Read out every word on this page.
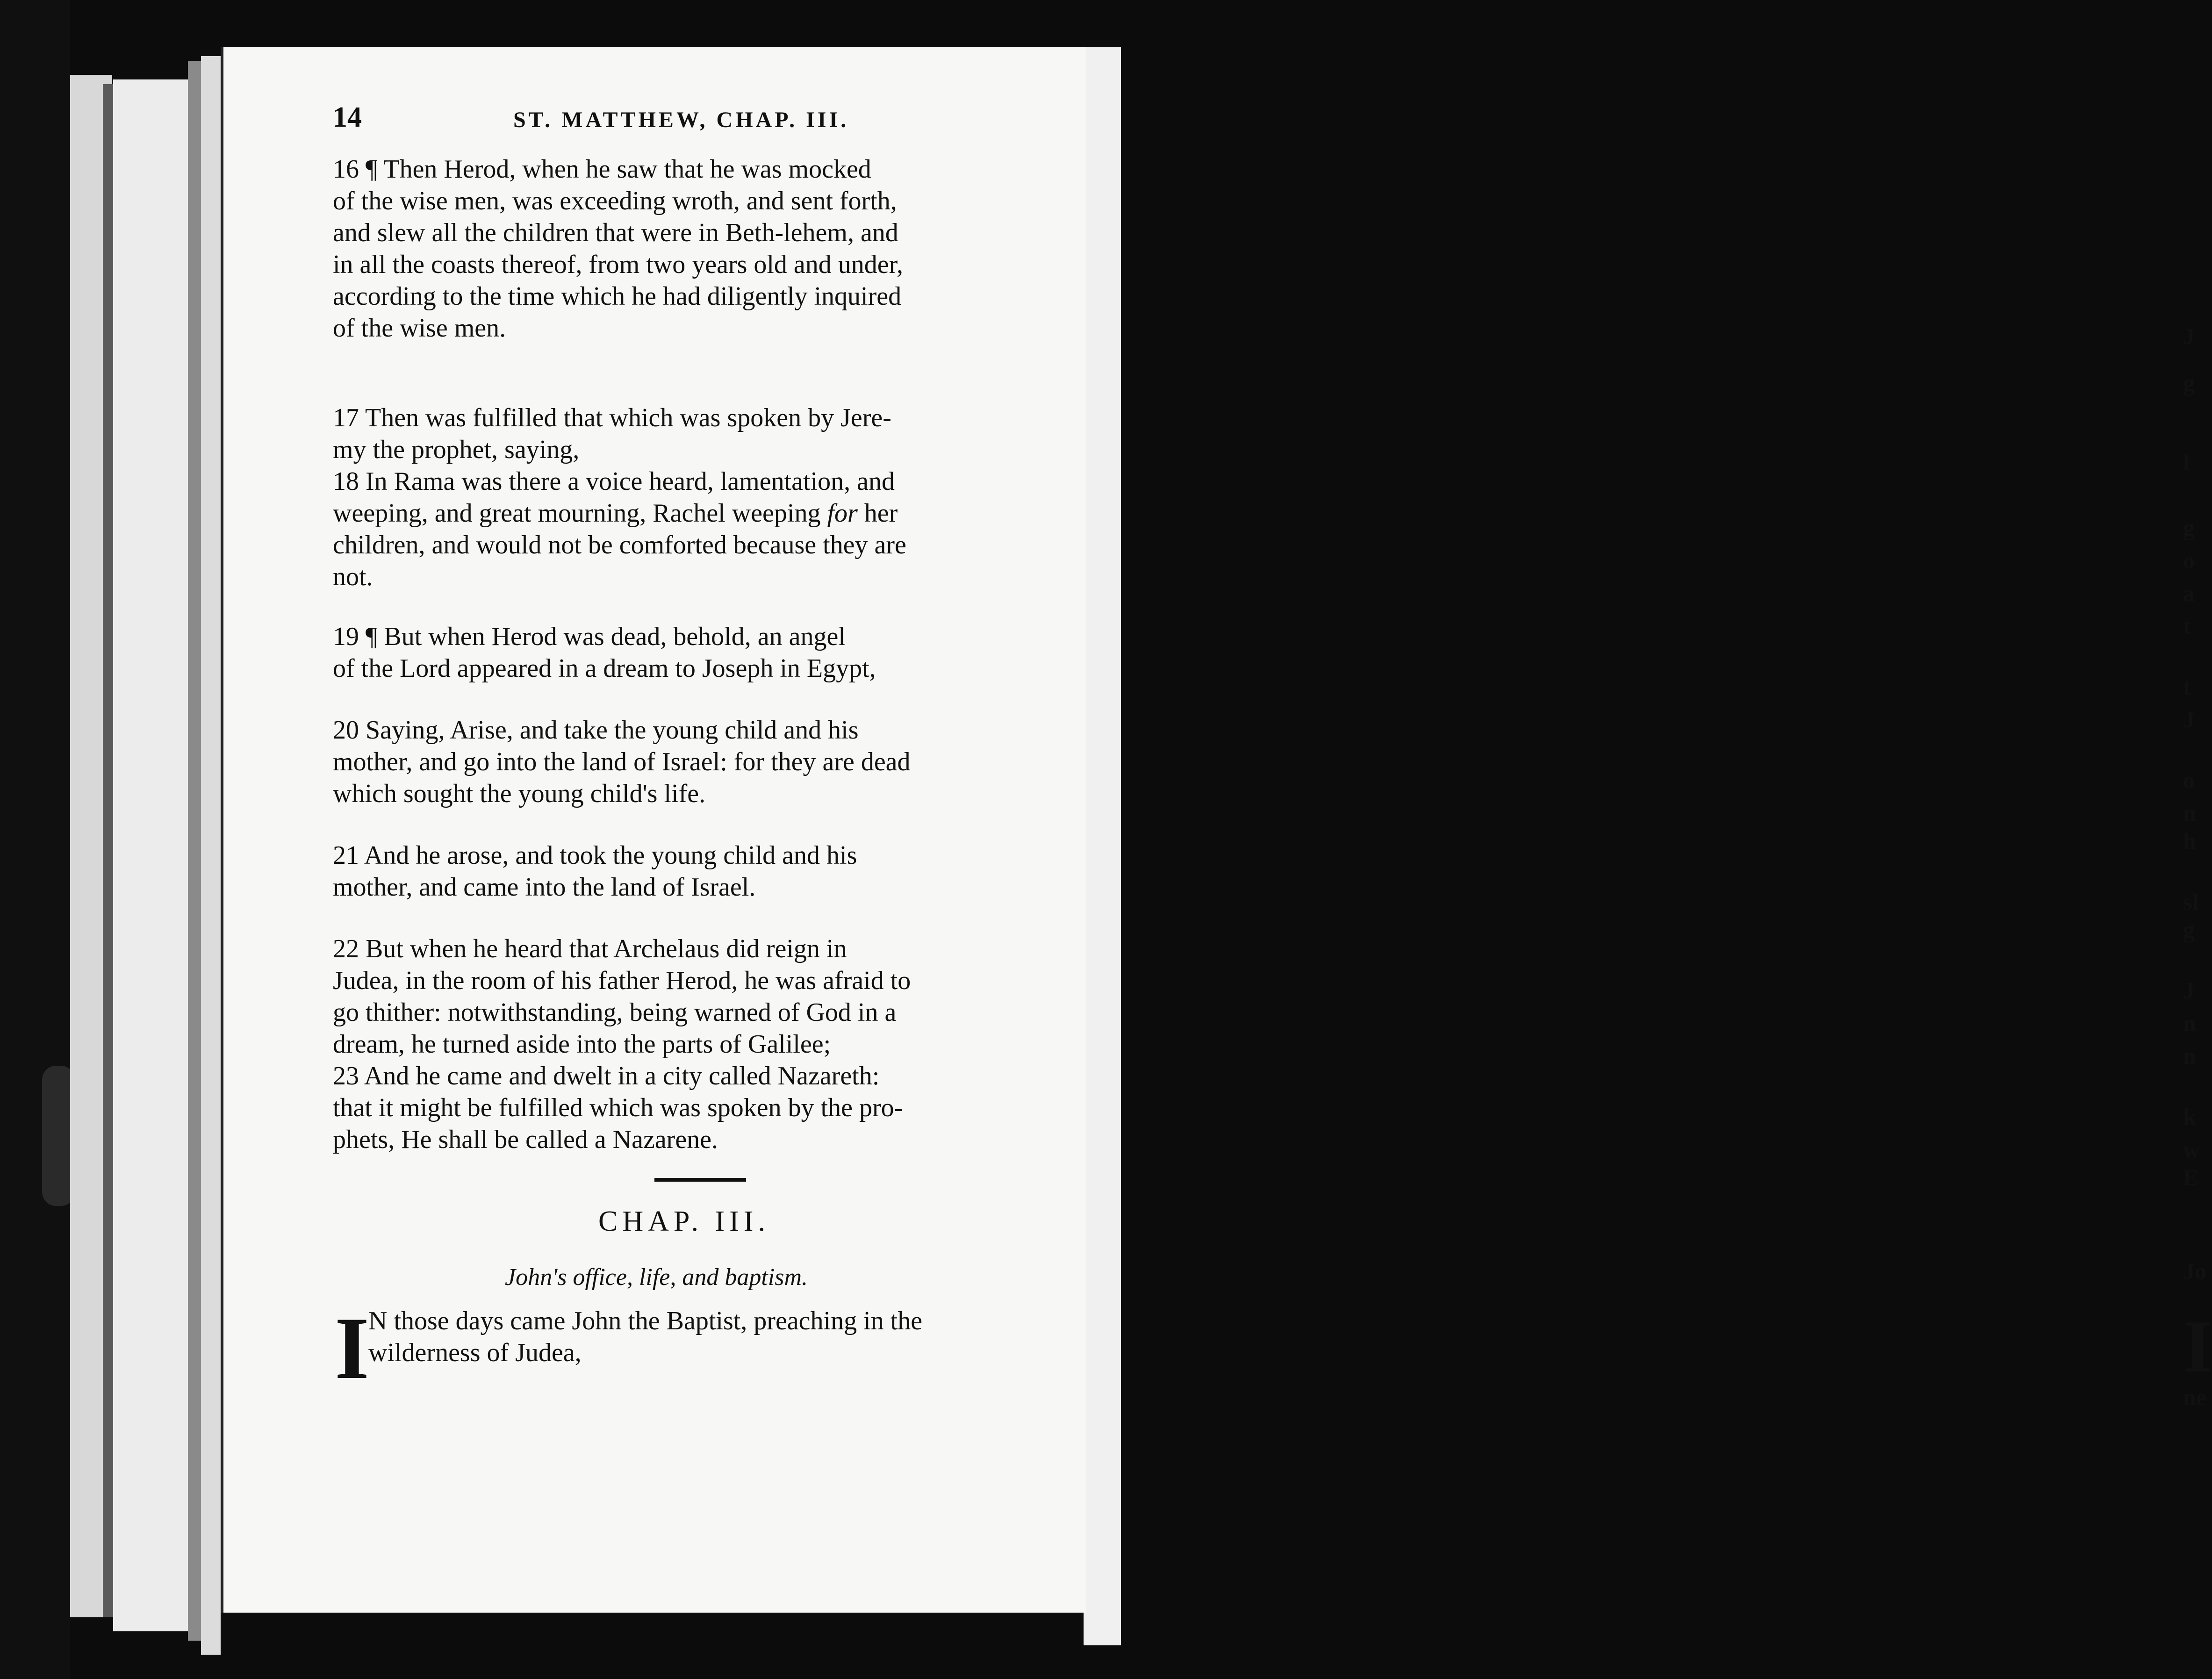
14	ST. MATTHEW, CHAP. III.
16 ¶ Then Herod, when he saw that he was mocked
of the wise men, was exceeding wroth, and sent forth,
and slew all the children that were in Beth-lehem, and
in all the coasts thereof, from two years old and under,
according to the time which he had diligently inquired
of the wise men.
17 Then was fulfilled that which was spoken by Jere-
my the prophet, saying,
18 In Rama was there a voice heard, lamentation, and
weeping, and great mourning, Rachel weeping for her
children, and would not be comforted because they are
not.
19 ¶ But when Herod was dead, behold, an angel
of the Lord appeared in a dream to Joseph in Egypt,
20 Saying, Arise, and take the young child and his
mother, and go into the land of Israel: for they are dead
which sought the young child's life.
21 And he arose, and took the young child and his
mother, and came into the land of Israel.
22 But when he heard that Archelaus did reign in
Judea, in the room of his father Herod, he was afraid to
go thither: notwithstanding, being warned of God in a
dream, he turned aside into the parts of Galilee;
23 And he came and dwelt in a city called Nazareth:
that it might be fulfilled which was spoken by the pro-
phets, He shall be called a Nazarene.
CHAP. III.
John's office, life, and baptism.
I
N those days came John the Baptist, preaching in the
wilderness of Judea,
J
g
l
g
o
a
t
t
J
o
n
h
sl
g
J
n
n
k
w
E
Jo
I
ne
